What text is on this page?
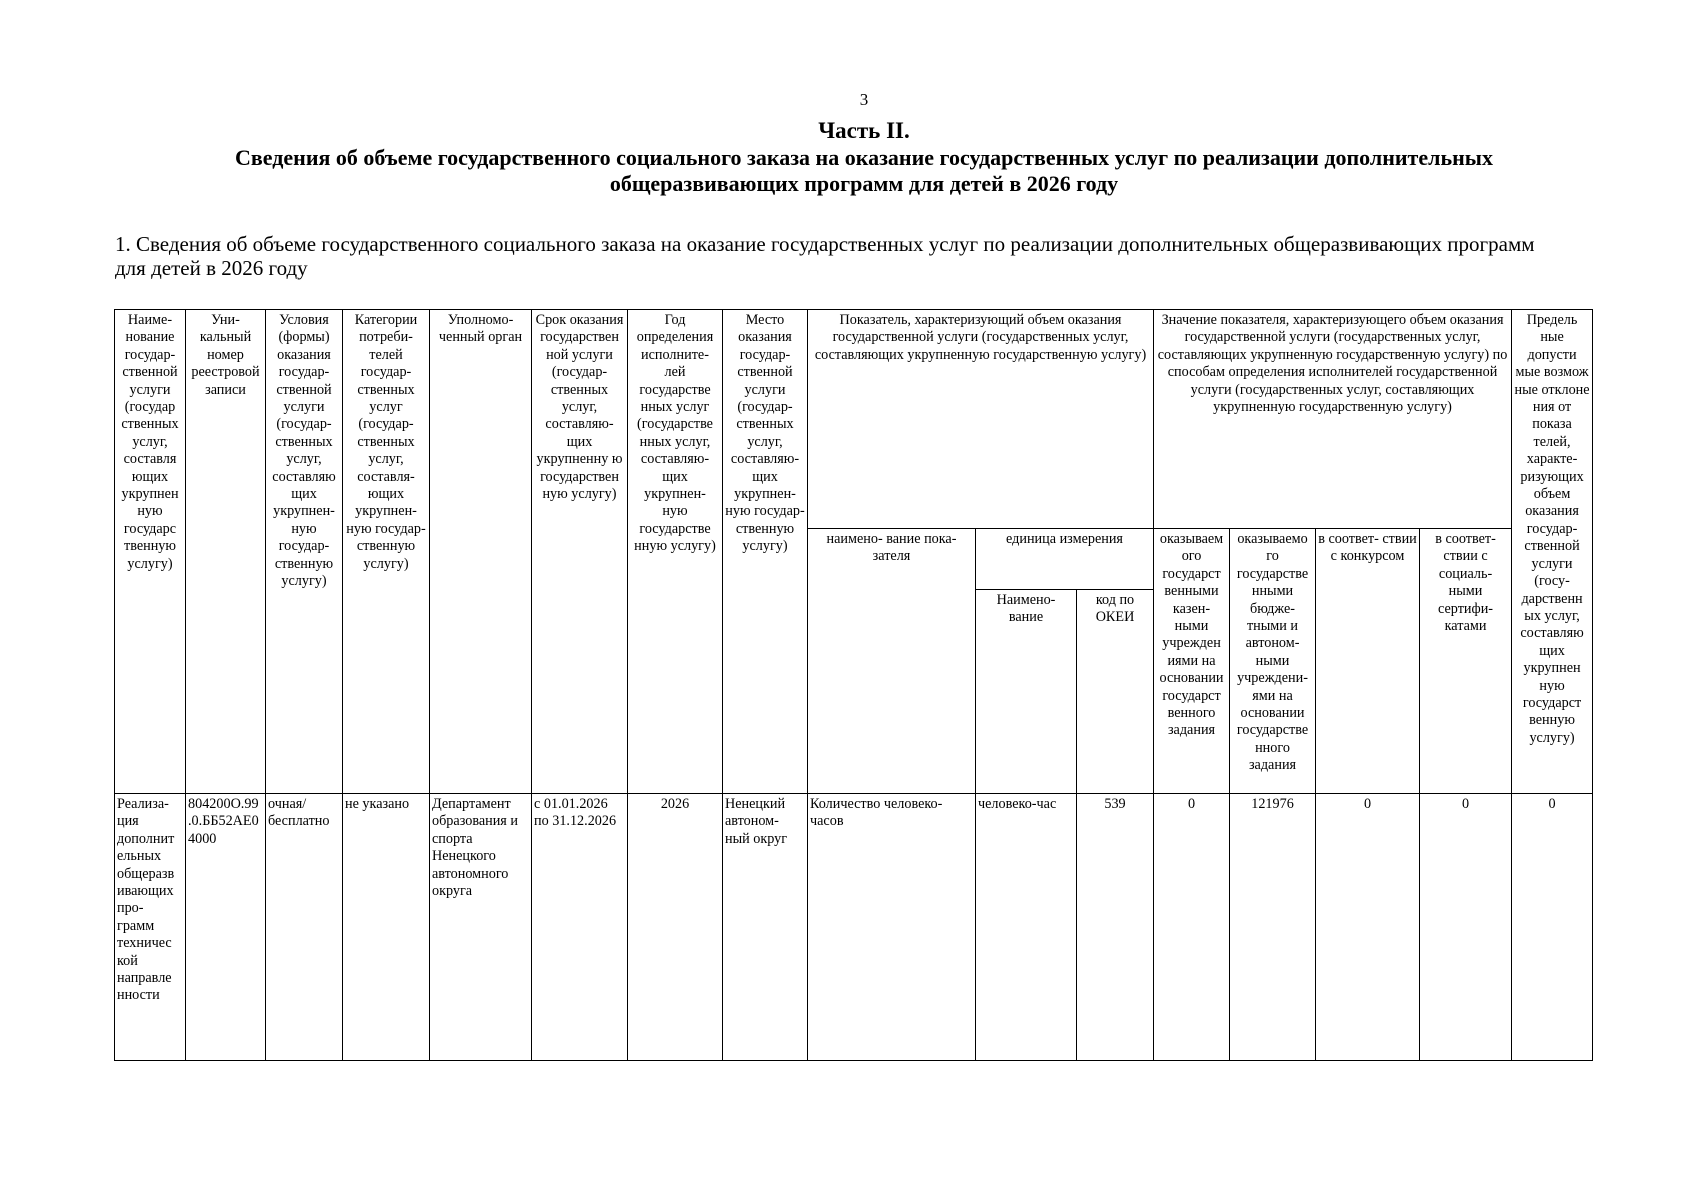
3
Часть II.
Сведения об объеме государственного социального заказа на оказание государственных услуг по реализации дополнительных общеразвивающих программ для детей в 2026 году
1. Сведения об объеме государственного социального заказа на оказание государственных услуг по реализации дополнительных общеразвивающих программ для детей в 2026 году
Наиме- нование государ- ственной услуги (государ ственных услуг, составля ющих укрупнен ную государс твенную услугу)	Уни- кальный номер реестровой записи	Условия (формы) оказания государ- ственной услуги (государ- ственных услуг, составляю щих укрупнен- ную государ- ственную услугу)	Категории потреби- телей государ- ственных услуг (государ- ственных услуг, составля- ющих укрупнен- ную государ- ственную услугу)	Уполномо- ченный орган	Срок оказания государствен ной услуги (государ- ственных услуг, составляю- щих укрупненну ю государствен ную услугу)	Год определения исполните- лей государстве нных услуг (государстве нных услуг, составляю- щих укрупнен- ную государстве нную услугу)	Место оказания государ- ственной услуги (государ- ственных услуг, составляю- щих укрупнен- ную государ- ственную услугу)	Показатель, характеризующий объем оказания государственной услуги (государственных услуг, составляющих укрупненную государственную услугу)			Значение показателя, характеризующего объем оказания государственной услуги (государственных услуг, составляющих укрупненную государственную услугу) по способам определения исполнителей государственной услуги (государственных услуг, составляющих укрупненную государственную услугу)				Предель ные допусти мые возмож ные отклоне ния от показа телей, характе- ризующих объем оказания государ- ственной услуги (госу- дарственн ых услуг, составляю щих укрупнен ную государст венную услугу)
								наимено- вание пока- зателя	единица измерения		оказываем ого государст венными казен- ными учрежден иями на основании государст венного задания	оказываемо го государстве нными бюдже- тными и автоном- ными учреждени- ями на основании государстве нного задания	в соответ- ствии с конкурсом	в соответ- ствии с социаль- ными сертифи- катами	
									Наимено- вание	код по ОКЕИ					
Реализа- ция дополнит ельных общеразв ивающих про- грамм техничес кой направле нности	804200О.99 .0.ББ52АЕ0 4000	очная/ бесплатно	не указано	Департамент образования и спорта Ненецкого автономного округа	с 01.01.2026 по 31.12.2026	2026	Ненецкий автоном- ный округ	Количество человеко- часов	человеко-час	539	0	121976	0	0	0
